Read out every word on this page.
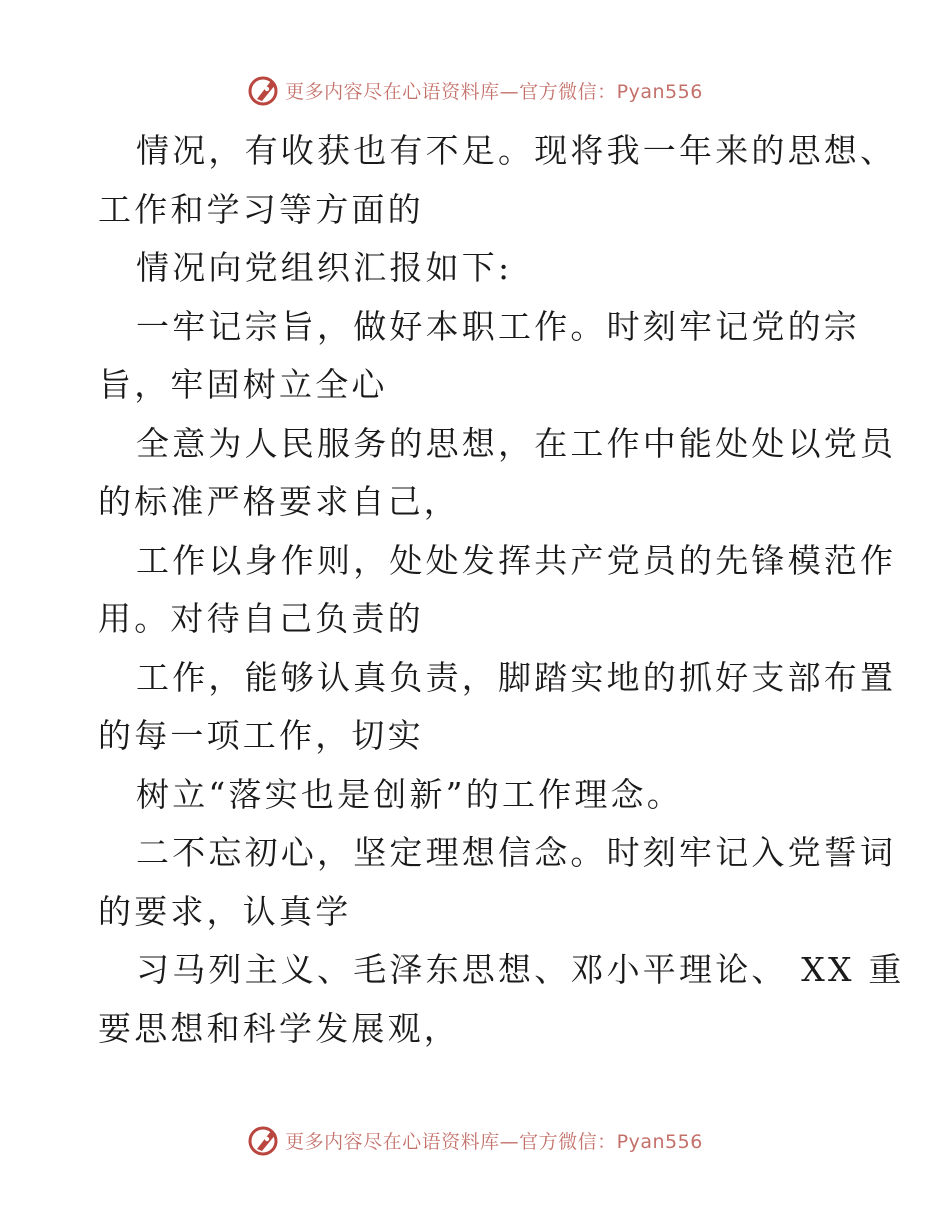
更多内容尽在心语资料库—官方微信：Pyan556
情况，有收获也有不足。现将我一年来的思想、
工作和学习等方面的
情况向党组织汇报如下:
一牢记宗旨，做好本职工作。时刻牢记党的宗
旨，牢固树立全心
全意为人民服务的思想，在工作中能处处以党员
的标准严格要求自己，
工作以身作则，处处发挥共产党员的先锋模范作
用。对待自己负责的
工作，能够认真负责，脚踏实地的抓好支部布置
的每一项工作，切实
树立“落实也是创新”的工作理念。
二不忘初心，坚定理想信念。时刻牢记入党誓词
的要求，认真学
习马列主义、毛泽东思想、邓小平理论、 XX 重
要思想和科学发展观，
更多内容尽在心语资料库—官方微信：Pyan556
